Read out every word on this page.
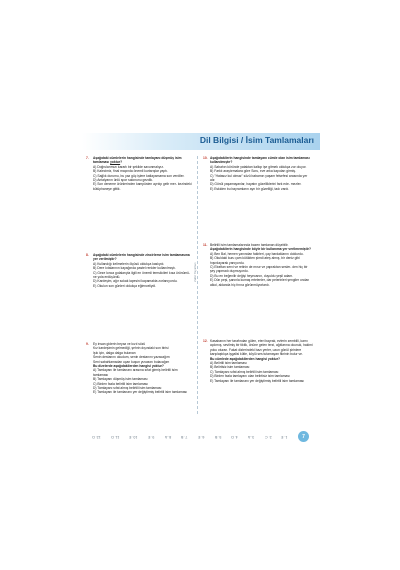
Dil Bilgisi / İsim Tamlamaları
Zafer Yayınları
7. Aşağıdaki cümlelerin hangisinde tamlayanı düşmüş isim tamlaması yoktur?

A) Doğrularımızı kararlı bir şekilde savunmalıyız.

B) Kalecimiz, final maçında önemli kurtarışlar yaptı.

C) Sağlık durumu, bu yaz güç işlere katlayamama son verdiler.

D) Antalyanın ünlü spor salonunu gezdik.

E) Son deneme ürünlerinden kampüsten ayrılıp gelir mer- kezindeki kütüphaneye gittik.

8. Aşağıdaki cümlelerin hangisinde zincirleme isim tamlamasına yer verilmiştir?

A) Kullandığı kelimelerin ölçüsü oldukça kaslıydı.

B) Dere kıtalarının kayağında pastel renkler kullanılmıştı.

C) Geze lonca gıdalarıyla ilgili en önemli temsilcileri kısa ürünümü- ne yola erdüşürdü.

D) Kardeşim, ağır sokak lapesini kapamakta zorlanıyordu.

E) Okulun son günleri oldukça eğlenceliydi.

9. Ey insan giderin beyaz ve kızıl sözü

Kız kardeşimin gelmediği, şehrin dışındaki son birisi

Işık için, dalga dalga bulanan

Senin destanını okudum, senin destanını yazacağım

Seni sabahlamadan uçan kuşun yuvasını bulacağım

Bu dizelerde aşağıdakilerden hangisi yoktur?

A) Tamlayanı ile tamlananı arasına sıfat girmiş belirtili isim tamlaması

B) Tamlayanı düşmüş isim tamlaması

C) Birden fazla belirtili isim tamlaması

D) Tamlayanı sıfat almış belirtili isim tamlaması

E) Tamlayanı ile tamlananı yer değiştirmiş belirtili isim tamlaması

10. Aşağıdakilerin hangisinde tamlayanı cümle olan isim tamlaması kullanılmıştır?

A) Sabahın köründe yataktan kalkıp işe gitmek oldukça zor oluyor.

B) Farklı araştırmalara göre Soru, eve arka kapıdan girmiş.

C) "Hatasız kul olmaz" sözü babamın yaşam felsefesi arasında yer alır.

D) Gönül yaşamayanlar, hayatın güzelliklerini fark ede- mezler.

E) Eskiden bu bayramların ayrı bir güzelliği, tadı vardı.

11. Belirtili isim tamlamalarında bazen tamlanan düşebilir.
Aşağıdakilerin hangisinde böyle bir kullanıma yer verilmemiştir?

A) Ben Bal, hemen yanından fakirleri, çay bardaklarını doldurdu.

B) Okuldaki kuru çam kütükten şimdi ateş almış, bir deniz gibi hışırdayarak yanıyordu.

C) Elraftan servi ve retinin de mısır ve yapraktan sesler- den hiç bir şey yapmadı duymuyordu.

D) Bu en beğenilir değişi heyecanın, duyuldu yeşil adam.

E) Dün peşi, şanınla kumaş ertelenler, dar pelerinleri şengiler ondan alkol, aldanda hiç fırına görünmüyorlardı.

12. Kasabanın her tarafından gülen, eteri bayrak, evlerin zembilli, kamı açıkmış, sevilmiş bir tiktik, önüne gelen terzi, ağıtlarına okunuk, hakimi yoku oturan. Fakat dizlerindeki bazı yerler, uzun gönül şirinlere karşılaştıkça işgalisi kütle, köylü ses tutamayan fikrinin bulur ve.
Bu cümlede aşağıdakilerden hangisi yoktur?

A) Belirtili isim tamlaması

B) Belirtisiz isim tamlaması

C) Tamlayanı sıfat almış belirtili isim tamlaması

D) Birden fazla tamlayanı olan belirtisiz isim tamlaması

E) Tamlayanı ile tamlananı yer değiştirmiş belirtili isim tamlaması

12. D	11. D	10. E	9. E	8. A	7. B	6. E	5. B	4. D	3. A	2. C	1. E	7
